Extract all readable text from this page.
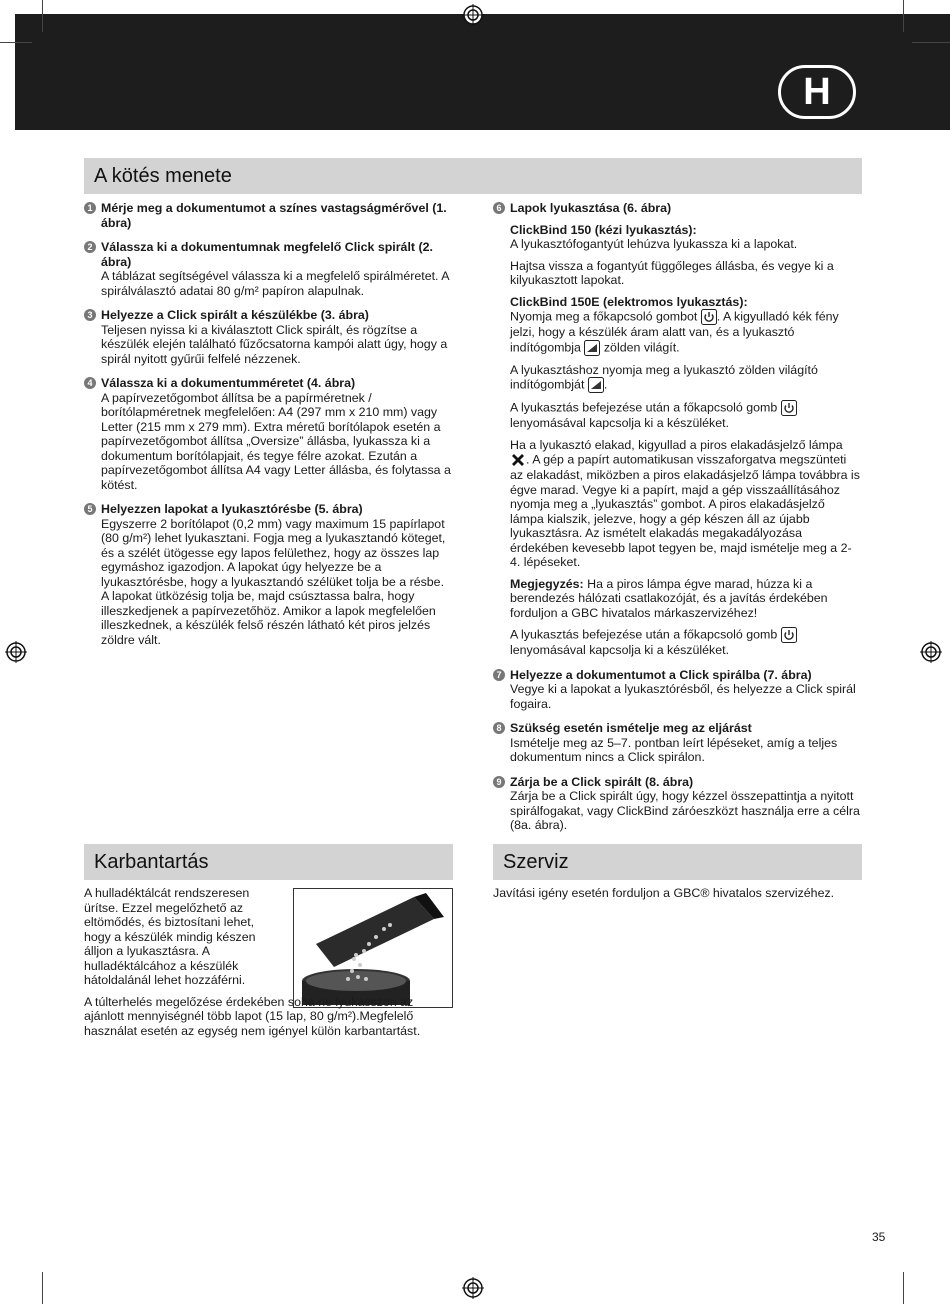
H
A kötés menete
1 Mérje meg a dokumentumot a színes vastagságmérővel (1. ábra)
2 Válassza ki a dokumentumnak megfelelő Click spirált (2. ábra)
A táblázat segítségével válassza ki a megfelelő spirálméretet. A spirálválasztó adatai 80 g/m² papíron alapulnak.
3 Helyezze a Click spirált a készülékbe (3. ábra)
Teljesen nyissa ki a kiválasztott Click spirált, és rögzítse a készülék elején található fűzőcsatorna kampói alatt úgy, hogy a spirál nyitott gyűrűi felfelé nézzenek.
4 Válassza ki a dokumentumméretet (4. ábra)
A papírvezetőgombot állítsa be a papírméretnek / borítólapméretnek megfelelően: A4 (297 mm x 210 mm) vagy Letter (215 mm x 279 mm). Extra méretű borítólapok esetén a papírvezetőgombot állítsa „Oversize” állásba, lyukassza ki a dokumentum borítólapjait, és tegye félre azokat. Ezután a papírvezetőgombot állítsa A4 vagy Letter állásba, és folytassa a kötést.
5 Helyezzen lapokat a lyukasztórésbe (5. ábra)
Egyszerre 2 borítólapot (0,2 mm) vagy maximum 15 papírlapot (80 g/m²) lehet lyukasztani. Fogja meg a lyukasztandó köteget, és a szélét ütögesse egy lapos felülethez, hogy az összes lap egymáshoz igazodjon. A lapokat úgy helyezze be a lyukasztórésbe, hogy a lyukasztandó szélüket tolja be a résbe. A lapokat ütközésig tolja be, majd csúsztassa balra, hogy illeszkedjenek a papírvezetőhöz. Amikor a lapok megfelelően illeszkednek, a készülék felső részén látható két piros jelzés zöldre vált.
6 Lapok lyukasztása (6. ábra)
ClickBind 150 (kézi lyukasztás):

A lyukasztófogantyút lehúzva lyukassza ki a lapokat.

Hajtsa vissza a fogantyút függőleges állásba, és vegye ki a kilyukasztott lapokat.

ClickBind 150E (elektromos lyukasztás):

Nyomja meg a főkapcsoló gombot . A kigyulladó kék fény jelzi, hogy a készülék áram alatt van, és a lyukasztó indítógombja zölden világít.

A lyukasztáshoz nyomja meg a lyukasztó zölden világító indítógombját .

A lyukasztás befejezése után a főkapcsoló gomb  lenyomásával kapcsolja ki a készüléket.

Ha a lyukasztó elakad, kigyullad a piros elakadásjelző lámpa . A gép a papírt automatikusan visszaforgatva megszünteti az elakadást, miközben a piros elakadásjelző lámpa továbbra is égve marad. Vegye ki a papírt, majd a gép visszaállításához nyomja meg a „lyukasztás” gombot. A piros elakadásjelző lámpa kialszik, jelezve, hogy a gép készen áll az újabb lyukasztásra. Az ismételt elakadás megakadályozása érdekében kevesebb lapot tegyen be, majd ismételje meg a 2-4. lépéseket.

Megjegyzés: Ha a piros lámpa égve marad, húzza ki a berendezés hálózati csatlakozóját, és a javítás érdekében forduljon a GBC hivatalos márkaszervizéhez!

A lyukasztás befejezése után a főkapcsoló gomb  lenyomásával kapcsolja ki a készüléket.

7 Helyezze a dokumentumot a Click spirálba (7. ábra)
Vegye ki a lapokat a lyukasztórésből, és helyezze a Click spirál fogaira.
8 Szükség esetén ismételje meg az eljárást
Ismételje meg az 5–7. pontban leírt lépéseket, amíg a teljes dokumentum nincs a Click spirálon.
9 Zárja be a Click spirált (8. ábra)
Zárja be a Click spirált úgy, hogy kézzel összepattintja a nyitott spirálfogakat, vagy ClickBind záróeszközt használja erre a célra (8a. ábra).
Karbantartás

A hulladéktálcát rendszeresen ürítse. Ezzel megelőzhető az eltömődés, és biztosítani lehet, hogy a készülék mindig készen álljon a lyukasztásra. A hulladéktálcához a készülék hátoldalánál lehet hozzáférni.

A túlterhelés megelőzése érdekében soha ne lyukasszon az ajánlott mennyiségnél több lapot (15 lap, 80 g/m²).Megfelelő használat esetén az egység nem igényel külön karbantartást.

Szerviz
Javítási igény esetén forduljon a GBC® hivatalos szervizéhez.
35
